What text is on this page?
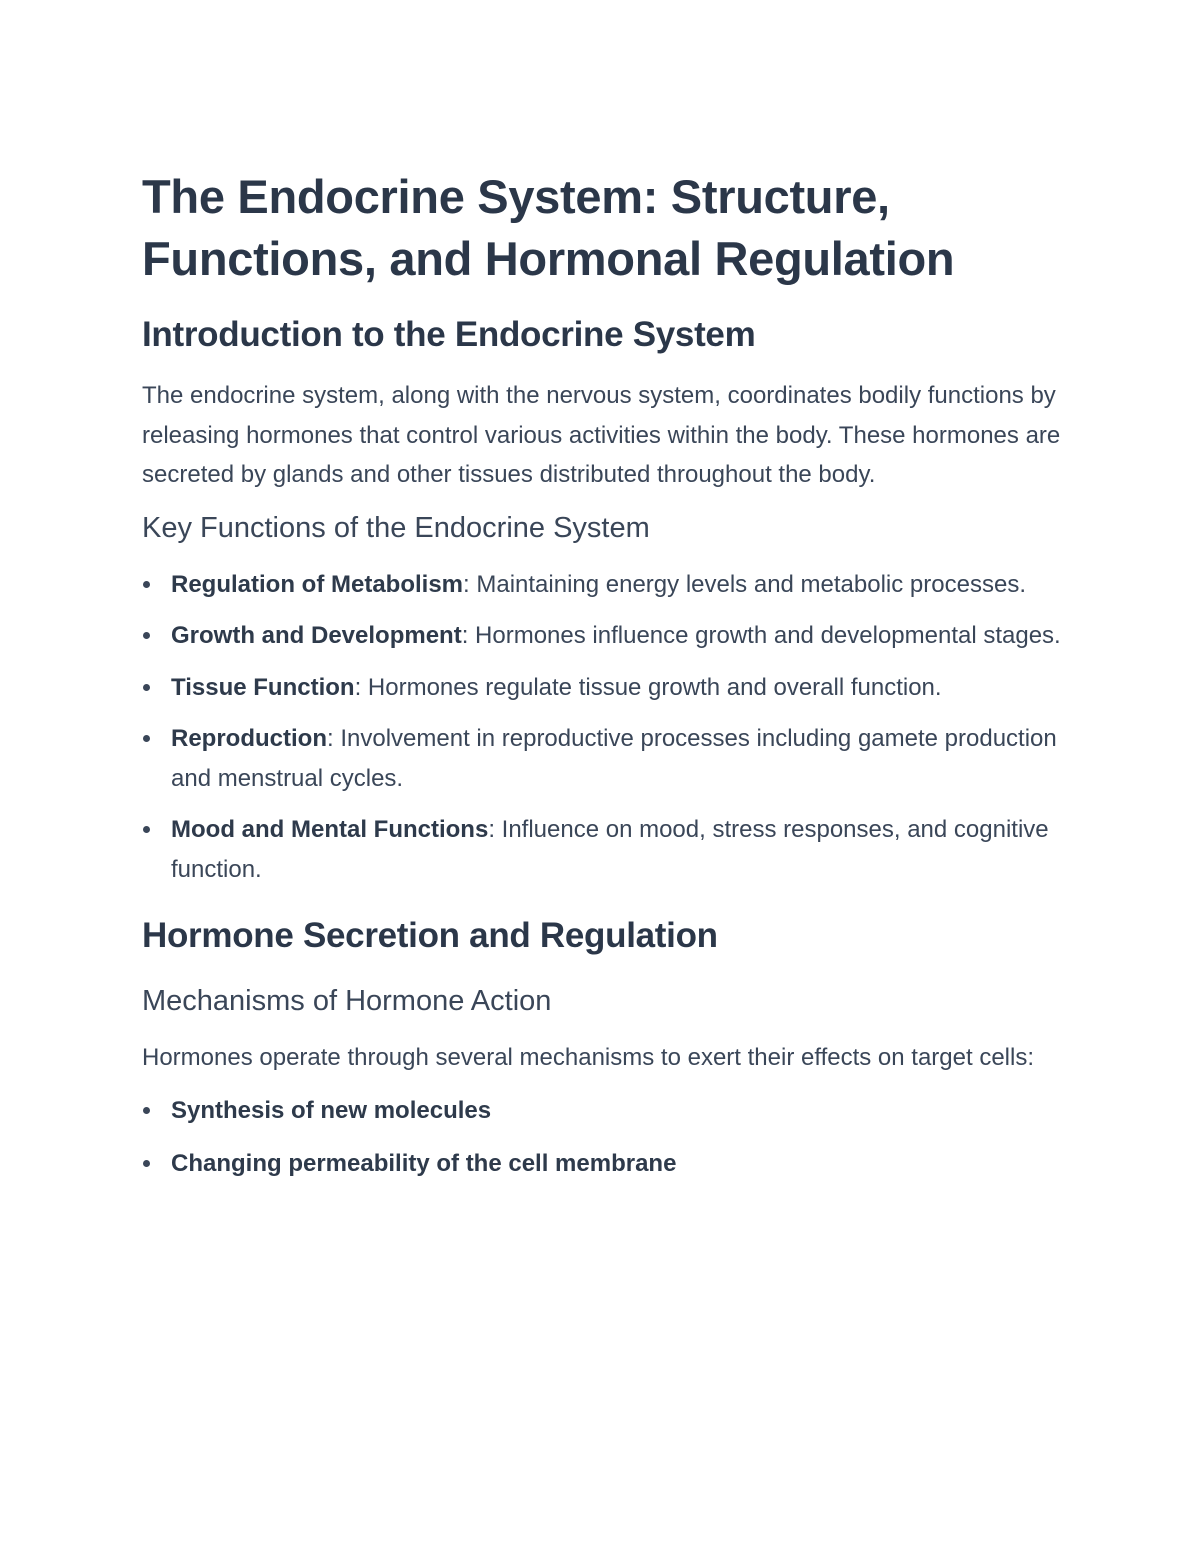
The Endocrine System: Structure, Functions, and Hormonal Regulation
Introduction to the Endocrine System

The endocrine system, along with the nervous system, coordinates bodily functions by releasing hormones that control various activities within the body. These hormones are secreted by glands and other tissues distributed throughout the body.

Key Functions of the Endocrine System
Regulation of Metabolism: Maintaining energy levels and metabolic processes.
Growth and Development: Hormones influence growth and developmental stages.
Tissue Function: Hormones regulate tissue growth and overall function.
Reproduction: Involvement in reproductive processes including gamete production and menstrual cycles.
Mood and Mental Functions: Influence on mood, stress responses, and cognitive function.
Hormone Secretion and Regulation
Mechanisms of Hormone Action

Hormones operate through several mechanisms to exert their effects on target cells:

Synthesis of new molecules
Changing permeability of the cell membrane
